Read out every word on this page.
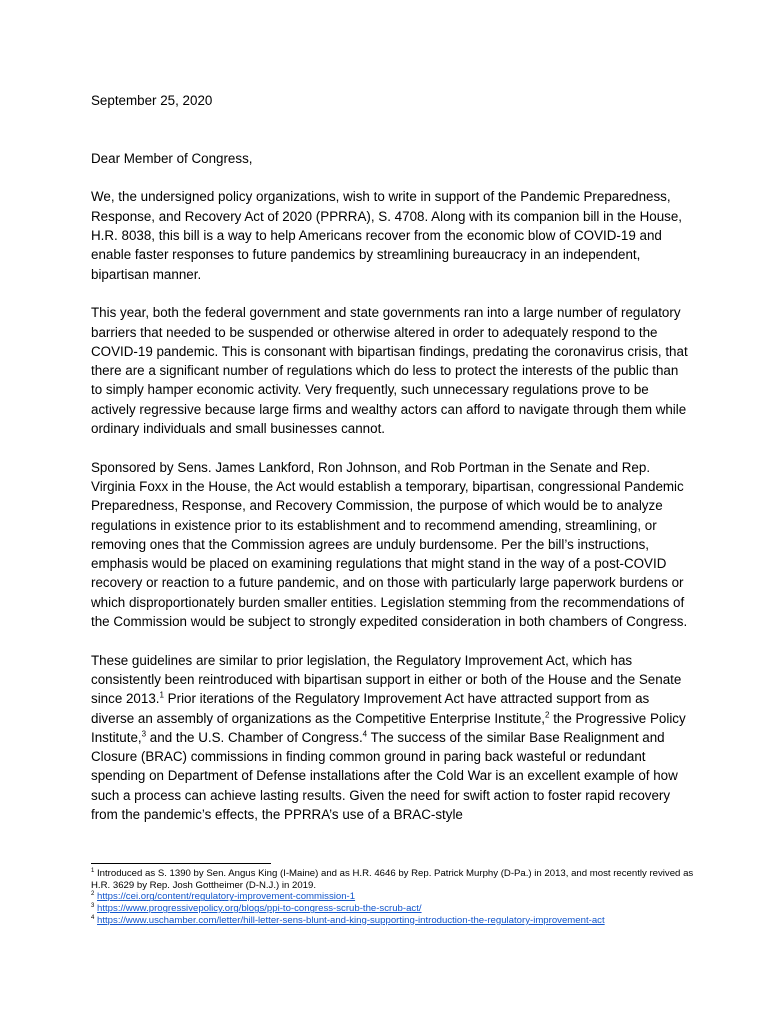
September 25, 2020

Dear Member of Congress,

We, the undersigned policy organizations, wish to write in support of the Pandemic Preparedness, Response, and Recovery Act of 2020 (PPRRA), S. 4708. Along with its companion bill in the House, H.R. 8038, this bill is a way to help Americans recover from the economic blow of COVID-19 and enable faster responses to future pandemics by streamlining bureaucracy in an independent, bipartisan manner.

This year, both the federal government and state governments ran into a large number of regulatory barriers that needed to be suspended or otherwise altered in order to adequately respond to the COVID-19 pandemic. This is consonant with bipartisan findings, predating the coronavirus crisis, that there are a significant number of regulations which do less to protect the interests of the public than to simply hamper economic activity. Very frequently, such unnecessary regulations prove to be actively regressive because large firms and wealthy actors can afford to navigate through them while ordinary individuals and small businesses cannot.

Sponsored by Sens. James Lankford, Ron Johnson, and Rob Portman in the Senate and Rep. Virginia Foxx in the House, the Act would establish a temporary, bipartisan, congressional Pandemic Preparedness, Response, and Recovery Commission, the purpose of which would be to analyze regulations in existence prior to its establishment and to recommend amending, streamlining, or removing ones that the Commission agrees are unduly burdensome. Per the bill’s instructions, emphasis would be placed on examining regulations that might stand in the way of a post-COVID recovery or reaction to a future pandemic, and on those with particularly large paperwork burdens or which disproportionately burden smaller entities. Legislation stemming from the recommendations of the Commission would be subject to strongly expedited consideration in both chambers of Congress.

These guidelines are similar to prior legislation, the Regulatory Improvement Act, which has consistently been reintroduced with bipartisan support in either or both of the House and the Senate since 2013.$^1$ Prior iterations of the Regulatory Improvement Act have attracted support from as diverse an assembly of organizations as the Competitive Enterprise Institute,$^2$ the Progressive Policy Institute,$^3$ and the U.S. Chamber of Congress.$^4$ The success of the similar Base Realignment and Closure (BRAC) commissions in finding common ground in paring back wasteful or redundant spending on Department of Defense installations after the Cold War is an excellent example of how such a process can achieve lasting results. Given the need for swift action to foster rapid recovery from the pandemic’s effects, the PPRRA’s use of a BRAC-style

$^1$ Introduced as S. 1390 by Sen. Angus King (I-Maine) and as H.R. 4646 by Rep. Patrick Murphy (D-Pa.) in 2013, and most recently revived as H.R. 3629 by Rep. Josh Gottheimer (D-N.J.) in 2019.

$^2$ https://cei.org/content/regulatory-improvement-commission-1

$^3$ https://www.progressivepolicy.org/blogs/ppi-to-congress-scrub-the-scrub-act/

$^4$ https://www.uschamber.com/letter/hill-letter-sens-blunt-and-king-supporting-introduction-the-regulatory-improvement-act
